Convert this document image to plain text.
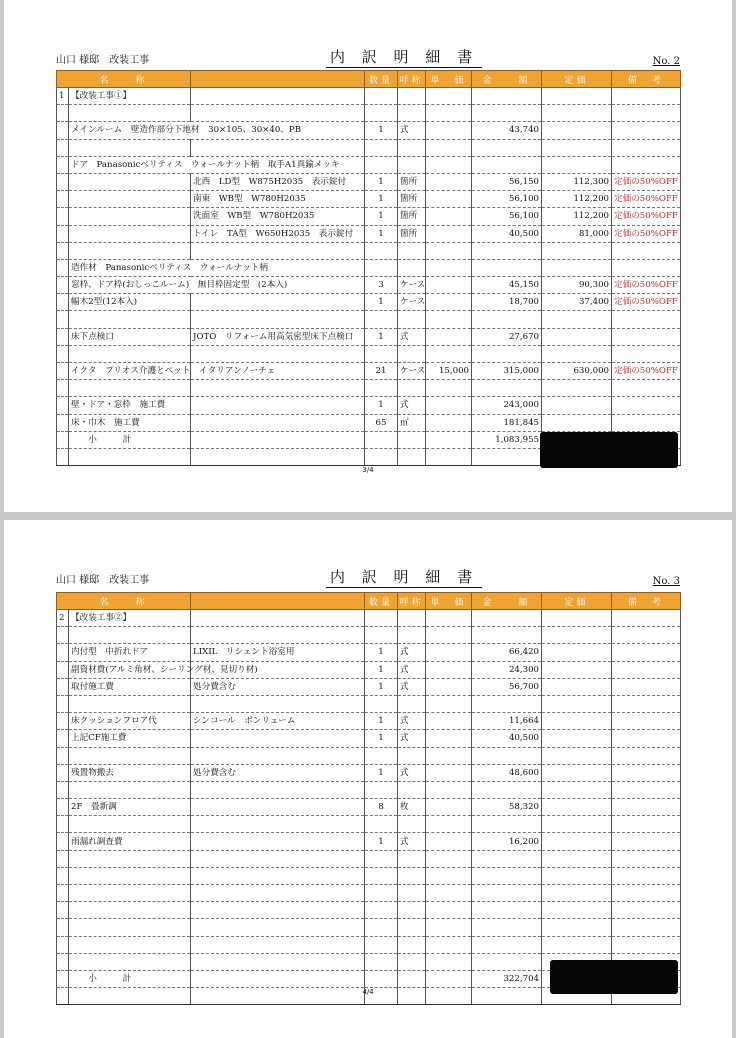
山口 様邸　改装工事	内 訳 明 細 書	No. 2
名　　称			数量	呼称	単　価	金　　額	定価	備　考
1	【改装工事①】							

	メインルーム　壁造作部分下地材　30×105、30×40、PB		1	式		43,740		

	ドア　Panasonicベリティス　ウォールナット柄　取手A1真鍮メッキ							
		北西　LD型　W875H2035　表示錠付	1	箇所		56,150	112,300	定価の50%OFF
		南東　WB型　W780H2035	1	箇所		56,100	112,200	定価の50%OFF
		洗面室　WB型　W780H2035	1	箇所		56,100	112,200	定価の50%OFF
		トイレ　TA型　W650H2035　表示錠付	1	箇所		40,500	81,000	定価の50%OFF

	造作材　Panasonicベリティス　ウォールナット柄							
	窓枠、ドア枠(おしっこルーム)　無目枠固定型　(2本入)		3	ケース		45,150	90,300	定価の50%OFF
	幅木2型(12本入)		1	ケース		18,700	37,400	定価の50%OFF

	床下点検口	JOTO　リフォーム用高気密型床下点検口	1	式		27,670		

	イクタ　プリオス介護とペット　イタリアンノーチェ		21	ケース	15,000	315,000	630,000	定価の50%OFF

	壁・ドア・窓枠　施工費		1	式		243,000		
	床・巾木　施工費		65	㎡		181,845		
	　　小　　　計					1,083,955		

3/4
山口 様邸　改装工事	内 訳 明 細 書	No. 3
名　　称			数量	呼称	単　価	金　　額	定価	備　考
2	【改装工事②】							

	内付型　中折れドア	LIXIL　リシェント浴室用	1	式		66,420		
	副資材費(アルミ角材、シーリング材、見切り材)		1	式		24,300		
	取付施工費	処分費含む	1	式		56,700		

	床クッションフロア代	シンコール　ボンリューム	1	式		11,664		
	上記CF施工費		1	式		40,500		

	残置物搬去	処分費含む	1	式		48,600		

	2F　畳新調		8	枚		58,320		

	雨漏れ調査費		1	式		16,200		

	　　小　　　計					322,704		

4/4
